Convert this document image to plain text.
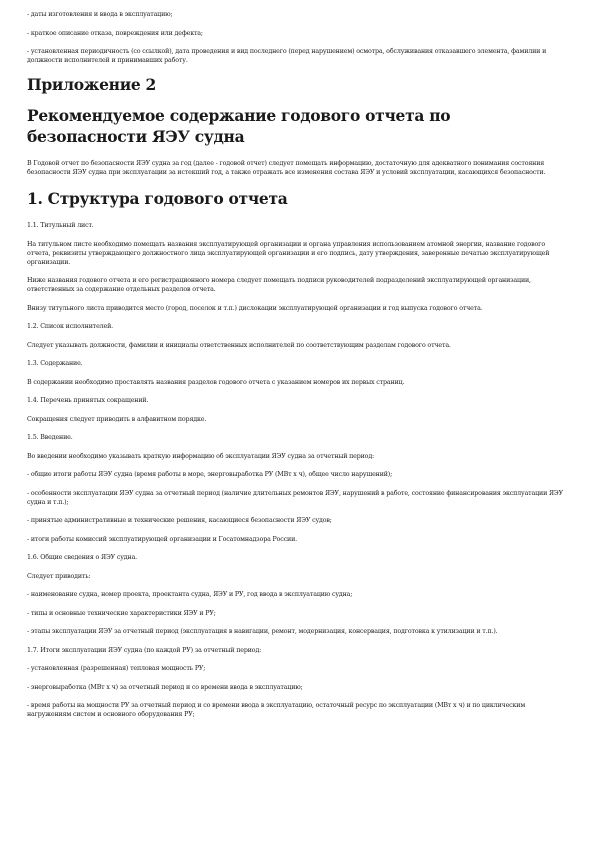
- даты изготовления и ввода в эксплуатацию;

- краткое описание отказа, повреждения или дефекта;

- установленная периодичность (со ссылкой), дата проведения и вид последнего (перед нарушением) осмотра, обслуживания отказавшего элемента, фамилии и должности исполнителей и принимавших работу.

Приложение 2
Рекомендуемое содержание годового отчета по безопасности ЯЭУ судна

В Годовой отчет по безопасности ЯЭУ судна за год (далее - годовой отчет) следует помещать информацию, достаточную для адекватного понимания состояния безопасности ЯЭУ судна при эксплуатации за истекший год, а также отражать все изменения состава ЯЭУ и условий эксплуатации, касающихся безопасности.

1. Структура годового отчета

1.1. Титульный лист.

На титульном листе необходимо помещать названия эксплуатирующей организации и органа управления использованием атомной энергии, название годового отчета, реквизиты утверждающего должностного лица эксплуатирующей организации и его подпись, дату утверждения, заверенные печатью эксплуатирующей организации.

Ниже названия годового отчета и его регистрационного номера следует помещать подписи руководителей подразделений эксплуатирующей организации, ответственных за содержание отдельных разделов отчета.

Внизу титульного листа приводится место (город, поселок и т.п.) дислокации эксплуатирующей организации и год выпуска годового отчета.

1.2. Список исполнителей.

Следует указывать должности, фамилии и инициалы ответственных исполнителей по соответствующим разделам годового отчета.

1.3. Содержание.

В содержании необходимо проставлять названия разделов годового отчета с указанием номеров их первых страниц.

1.4. Перечень принятых сокращений.

Сокращения следует приводить в алфавитном порядке.

1.5. Введение.

Во введении необходимо указывать краткую информацию об эксплуатации ЯЭУ судна за отчетный период:

- общие итоги работы ЯЭУ судна (время работы в море, энерговыработка РУ (МВт х ч), общее число нарушений);

- особенности эксплуатации ЯЭУ судна за отчетный период (наличие длительных ремонтов ЯЭУ, нарушений в работе, состояние финансирования эксплуатации ЯЭУ судна и т.п.);

- принятые административные и технические решения, касающиеся безопасности ЯЭУ судов;

- итоги работы комиссий эксплуатирующей организации и Госатомнадзора России.

1.6. Общие сведения о ЯЭУ судна.

Следует приводить:

- наименование судна, номер проекта, проектанта судна, ЯЭУ и РУ, год ввода в эксплуатацию судна;

- типы и основные технические характеристики ЯЭУ и РУ;

- этапы эксплуатации ЯЭУ за отчетный период (эксплуатация в навигации, ремонт, модернизация, консервация, подготовка к утилизации и т.п.).

1.7. Итоги эксплуатации ЯЭУ судна (по каждой РУ) за отчетный период:

- установленная (разрешенная) тепловая мощность РУ;

- энерговыработка (МВт х ч) за отчетный период и со времени ввода в эксплуатацию;

- время работы на мощности РУ за отчетный период и со времени ввода в эксплуатацию, остаточный ресурс по эксплуатации (МВт х ч) и по циклическим нагружениям систем и основного оборудования РУ;
